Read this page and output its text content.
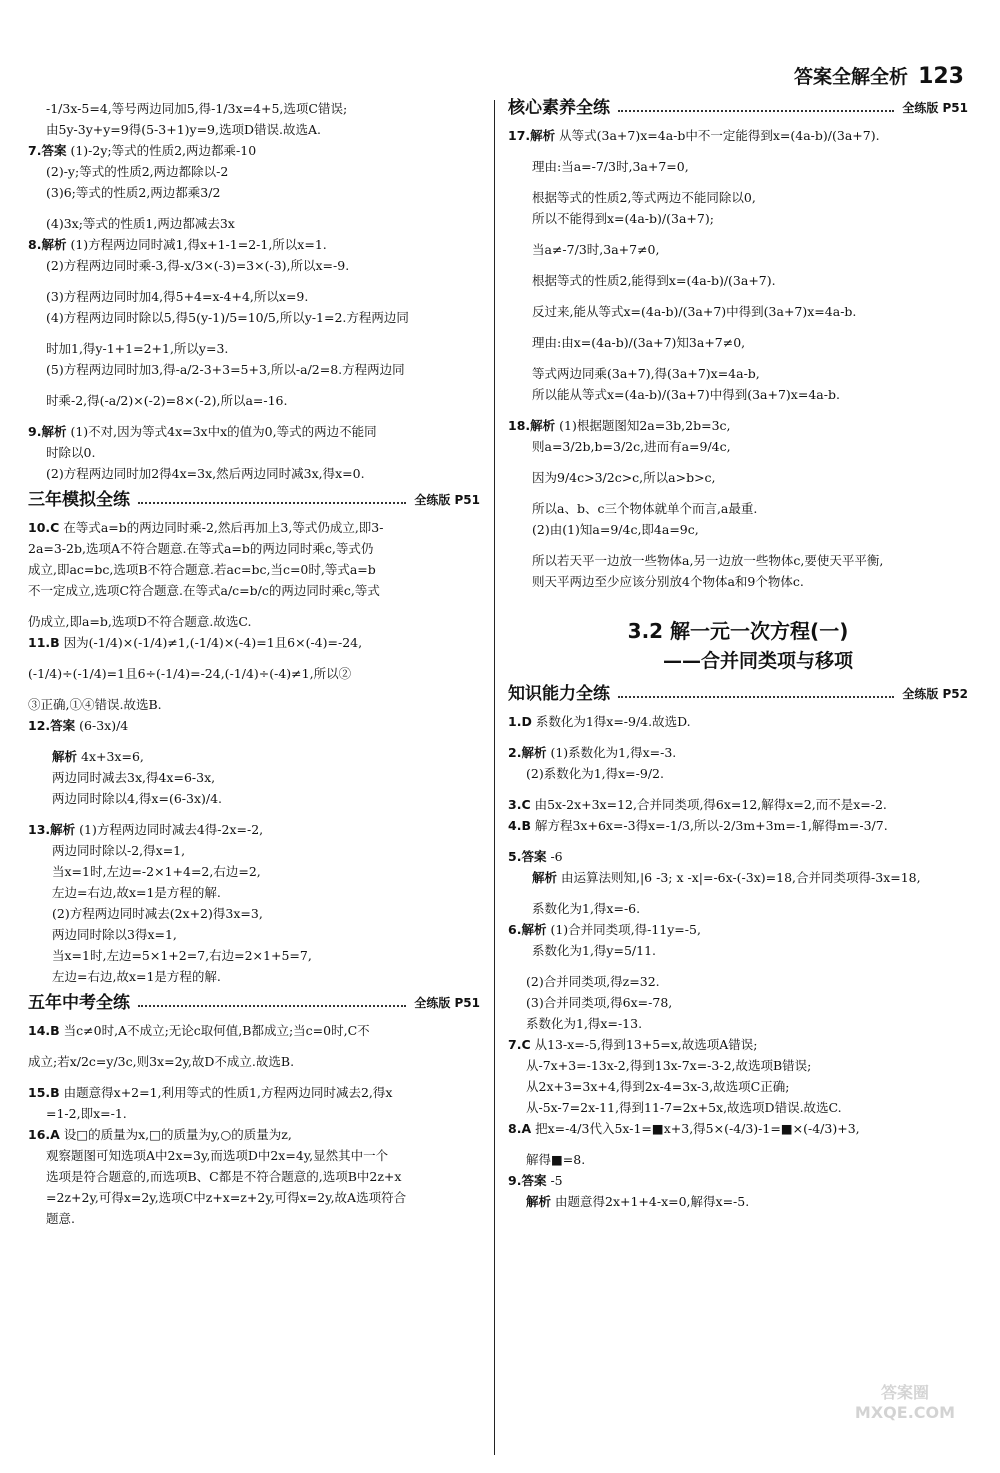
答案全解全析 123
-1/3x-5=4,等号两边同加5,得-1/3x=4+5,选项C错误;
由5y-3y+y=9得(5-3+1)y=9,选项D错误.故选A.
7.答案 (1)-2y;等式的性质2,两边都乘-10
(2)-y;等式的性质2,两边都除以-2
(3)6;等式的性质2,两边都乘3/2
(4)3x;等式的性质1,两边都减去3x
8.解析 (1)方程两边同时减1,得x+1-1=2-1,所以x=1.
(2)方程两边同时乘-3,得-x/3×(-3)=3×(-3),所以x=-9.
(3)方程两边同时加4,得5+4=x-4+4,所以x=9.
(4)方程两边同时除以5,得5(y-1)/5=10/5,所以y-1=2.方程两边同
时加1,得y-1+1=2+1,所以y=3.
(5)方程两边同时加3,得-a/2-3+3=5+3,所以-a/2=8.方程两边同
时乘-2,得(-a/2)×(-2)=8×(-2),所以a=-16.
9.解析 (1)不对,因为等式4x=3x中x的值为0,等式的两边不能同
时除以0.
(2)方程两边同时加2得4x=3x,然后两边同时减3x,得x=0.
三年模拟全练	全练版 P51
10.C 在等式a=b的两边同时乘-2,然后再加上3,等式仍成立,即3-
2a=3-2b,选项A不符合题意.在等式a=b的两边同时乘c,等式仍
成立,即ac=bc,选项B不符合题意.若ac=bc,当c=0时,等式a=b
不一定成立,选项C符合题意.在等式a/c=b/c的两边同时乘c,等式
仍成立,即a=b,选项D不符合题意.故选C.
11.B 因为(-1/4)×(-1/4)≠1,(-1/4)×(-4)=1且6×(-4)=-24,
(-1/4)÷(-1/4)=1且6÷(-1/4)=-24,(-1/4)÷(-4)≠1,所以②
③正确,①④错误.故选B.
12.答案 (6-3x)/4
解析 4x+3x=6,
两边同时减去3x,得4x=6-3x,
两边同时除以4,得x=(6-3x)/4.
13.解析 (1)方程两边同时减去4得-2x=-2,
两边同时除以-2,得x=1,
当x=1时,左边=-2×1+4=2,右边=2,
左边=右边,故x=1是方程的解.
(2)方程两边同时减去(2x+2)得3x=3,
两边同时除以3得x=1,
当x=1时,左边=5×1+2=7,右边=2×1+5=7,
左边=右边,故x=1是方程的解.
五年中考全练	全练版 P51
14.B 当c≠0时,A不成立;无论c取何值,B都成立;当c=0时,C不
成立;若x/2c=y/3c,则3x=2y,故D不成立.故选B.
15.B 由题意得x+2=1,利用等式的性质1,方程两边同时减去2,得x
=1-2,即x=-1.
16.A 设□的质量为x,□的质量为y,○的质量为z,
观察题图可知选项A中2x=3y,而选项D中2x=4y,显然其中一个
选项是符合题意的,而选项B、C都是不符合题意的,选项B中2z+x
=2z+2y,可得x=2y,选项C中z+x=z+2y,可得x=2y,故A选项符合
题意.
核心素养全练	全练版 P51
17.解析 从等式(3a+7)x=4a-b中不一定能得到x=(4a-b)/(3a+7).
理由:当a=-7/3时,3a+7=0,
根据等式的性质2,等式两边不能同除以0,
所以不能得到x=(4a-b)/(3a+7);
当a≠-7/3时,3a+7≠0,
根据等式的性质2,能得到x=(4a-b)/(3a+7).
反过来,能从等式x=(4a-b)/(3a+7)中得到(3a+7)x=4a-b.
理由:由x=(4a-b)/(3a+7)知3a+7≠0,
等式两边同乘(3a+7),得(3a+7)x=4a-b,
所以能从等式x=(4a-b)/(3a+7)中得到(3a+7)x=4a-b.
18.解析 (1)根据题图知2a=3b,2b=3c,
则a=3/2b,b=3/2c,进而有a=9/4c,
因为9/4c>3/2c>c,所以a>b>c,
所以a、b、c三个物体就单个而言,a最重.
(2)由(1)知a=9/4c,即4a=9c,
所以若天平一边放一些物体a,另一边放一些物体c,要使天平平衡,
则天平两边至少应该分别放4个物体a和9个物体c.
3.2 解一元一次方程(一)
——合并同类项与移项
知识能力全练	全练版 P52
1.D 系数化为1得x=-9/4.故选D.
2.解析 (1)系数化为1,得x=-3.
(2)系数化为1,得x=-9/2.
3.C 由5x-2x+3x=12,合并同类项,得6x=12,解得x=2,而不是x=-2.
4.B 解方程3x+6x=-3得x=-1/3,所以-2/3m+3m=-1,解得m=-3/7.
5.答案 -6
解析 由运算法则知,|6 -3; x -x|=-6x-(-3x)=18,合并同类项得-3x=18,
系数化为1,得x=-6.
6.解析 (1)合并同类项,得-11y=-5,
系数化为1,得y=5/11.
(2)合并同类项,得z=32.
(3)合并同类项,得6x=-78,
系数化为1,得x=-13.
7.C 从13-x=-5,得到13+5=x,故选项A错误;
从-7x+3=-13x-2,得到13x-7x=-3-2,故选项B错误;
从2x+3=3x+4,得到2x-4=3x-3,故选项C正确;
从-5x-7=2x-11,得到11-7=2x+5x,故选项D错误.故选C.
8.A 把x=-4/3代入5x-1=■x+3,得5×(-4/3)-1=■×(-4/3)+3,
解得■=8.
9.答案 -5
解析 由题意得2x+1+4-x=0,解得x=-5.
答案圈 MXQE.COM
